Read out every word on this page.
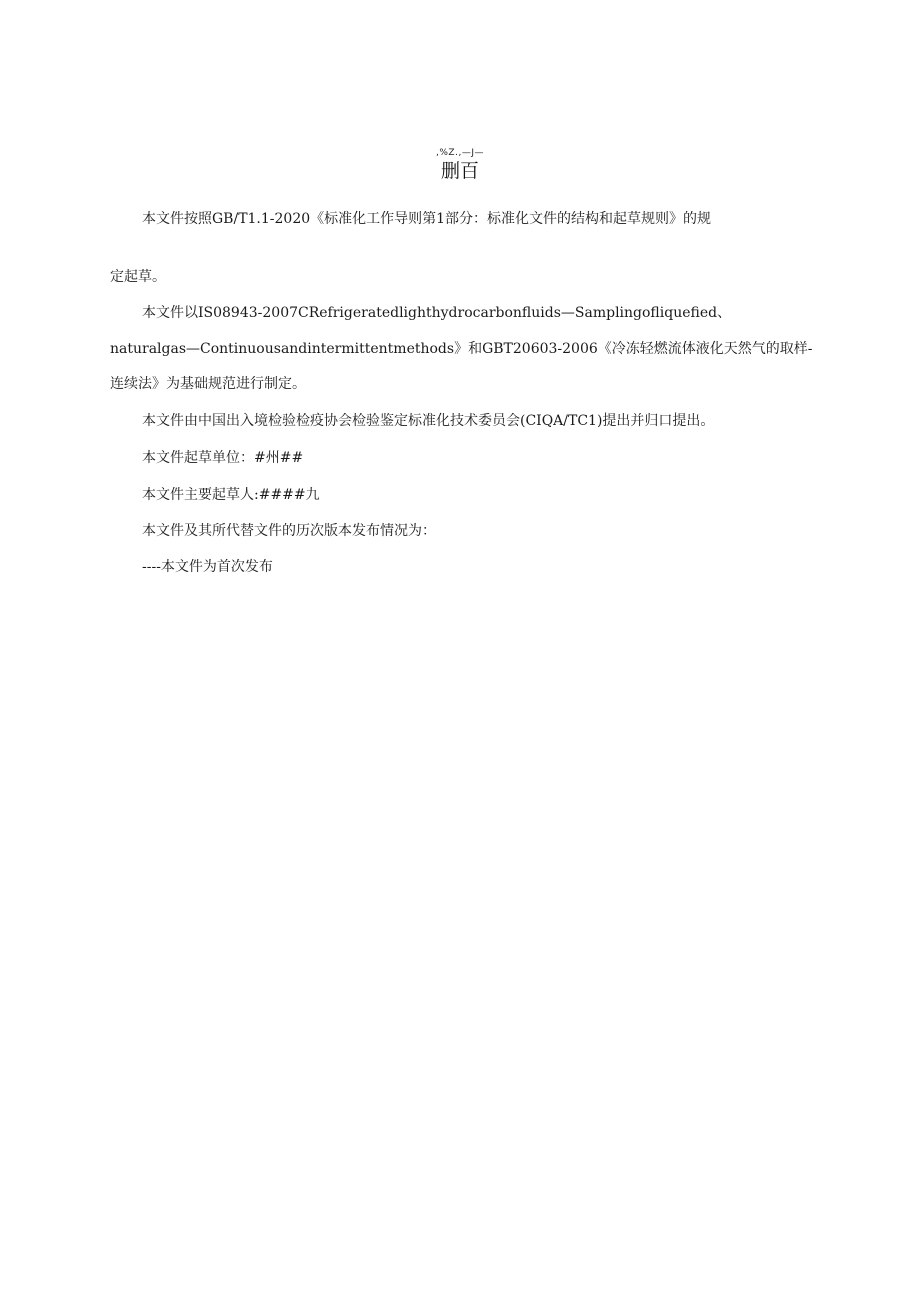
,%Z.,—J—
删百
本文件按照GB/T1.1-2020《标准化工作导则第1部分：标准化文件的结构和起草规则》的规
定起草。
本文件以IS08943-2007CRefrigeratedlighthydrocarbonfluids—Samplingofliquefied、
naturalgas—Continuousandintermittentmethods》和GBT20603-2006《冷冻轻燃流体液化天然气的取样-
连续法》为基础规范进行制定。
本文件由中国出入境检验检疫协会检验鉴定标准化技术委员会(CIQA/TC1)提出并归口提出。
本文件起草单位：#州##
本文件主要起草人:####九
本文件及其所代替文件的历次版本发布情况为：
----本文件为首次发布
